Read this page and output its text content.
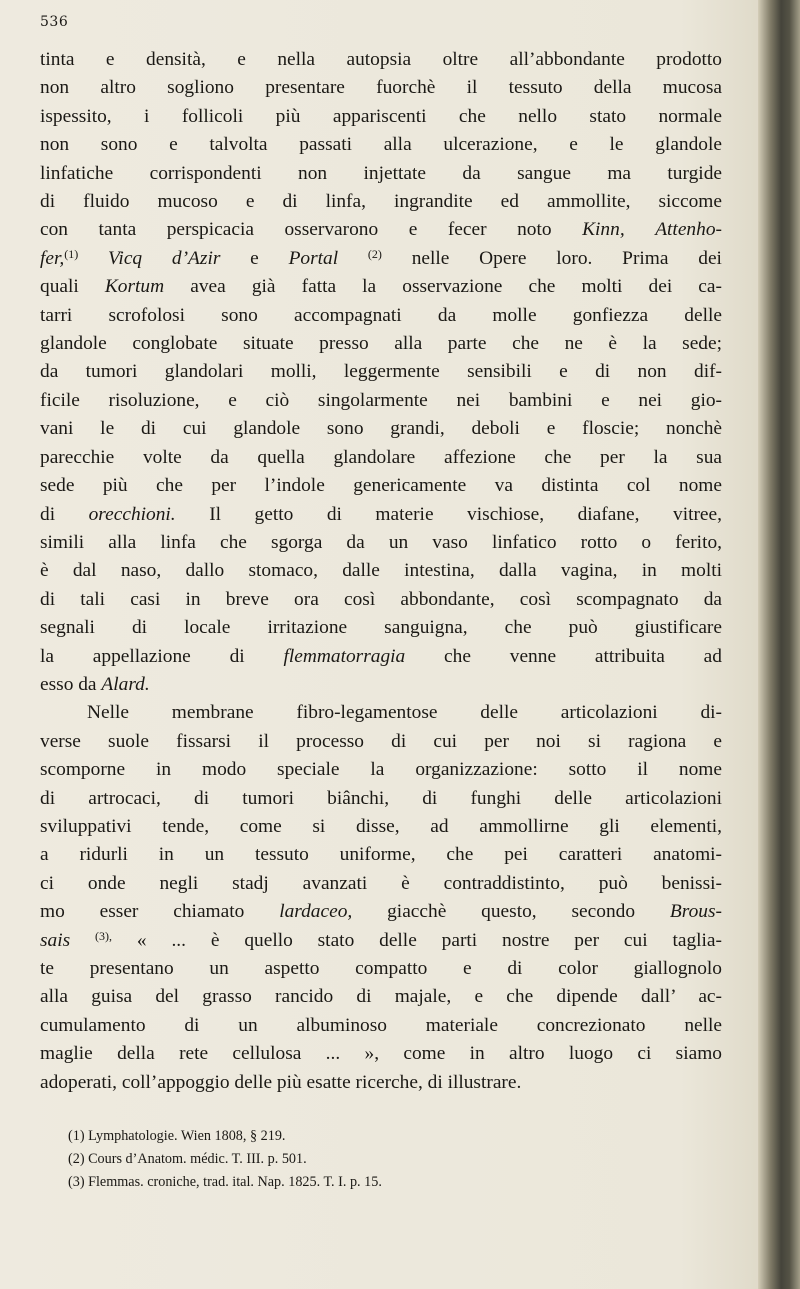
536

tinta e densità, e nella autopsia oltre all’abbondante prodotto
non altro sogliono presentare fuorchè il tessuto della mucosa
ispessito, i follicoli più appariscenti che nello stato normale
non sono e talvolta passati alla ulcerazione, e le glandole
linfatiche corrispondenti non injettate da sangue ma turgide
di fluido mucoso e di linfa, ingrandite ed ammollite, siccome
con tanta perspicacia osservarono e fecer noto Kinn, Attenho-
fer,$^{(1)}$ Vicq d’Azir e Portal $^{(2)}$ nelle Opere loro. Prima dei
quali Kortum avea già fatta la osservazione che molti dei ca-
tarri scrofolosi sono accompagnati da molle gonfiezza delle
glandole conglobate situate presso alla parte che ne è la sede;
da tumori glandolari molli, leggermente sensibili e di non dif-
ficile risoluzione, e ciò singolarmente nei bambini e nei gio-
vani le di cui glandole sono grandi, deboli e floscie; nonchè
parecchie volte da quella glandolare affezione che per la sua
sede più che per l’indole genericamente va distinta col nome
di orecchioni. Il getto di materie vischiose, diafane, vitree,
simili alla linfa che sgorga da un vaso linfatico rotto o ferito,
è dal naso, dallo stomaco, dalle intestina, dalla vagina, in molti
di tali casi in breve ora così abbondante, così scompagnato da
segnali di locale irritazione sanguigna, che può giustificare
la appellazione di flemmatorragia che venne attribuita ad
esso da Alard.

Nelle membrane fibro-legamentose delle articolazioni di-
verse suole fissarsi il processo di cui per noi si ragiona e
scomporne in modo speciale la organizzazione: sotto il nome
di artrocaci, di tumori biânchi, di funghi delle articolazioni
sviluppativi tende, come si disse, ad ammollirne gli elementi,
a ridurli in un tessuto uniforme, che pei caratteri anatomi-
ci onde negli stadj avanzati è contraddistinto, può benissi-
mo esser chiamato lardaceo, giacchè questo, secondo Brous-
sais $^{(3),}$ « ... è quello stato delle parti nostre per cui taglia-
te presentano un aspetto compatto e di color giallognolo
alla guisa del grasso rancido di majale, e che dipende dall’ ac-
cumulamento di un albuminoso materiale concrezionato nelle
maglie della rete cellulosa ... », come in altro luogo ci siamo
adoperati, coll’appoggio delle più esatte ricerche, di illustrare.

(1) Lymphatologie. Wien 1808, § 219.
(2) Cours d’Anatom. médic. T. III. p. 501.
(3) Flemmas. croniche, trad. ital. Nap. 1825. T. I. p. 15.
